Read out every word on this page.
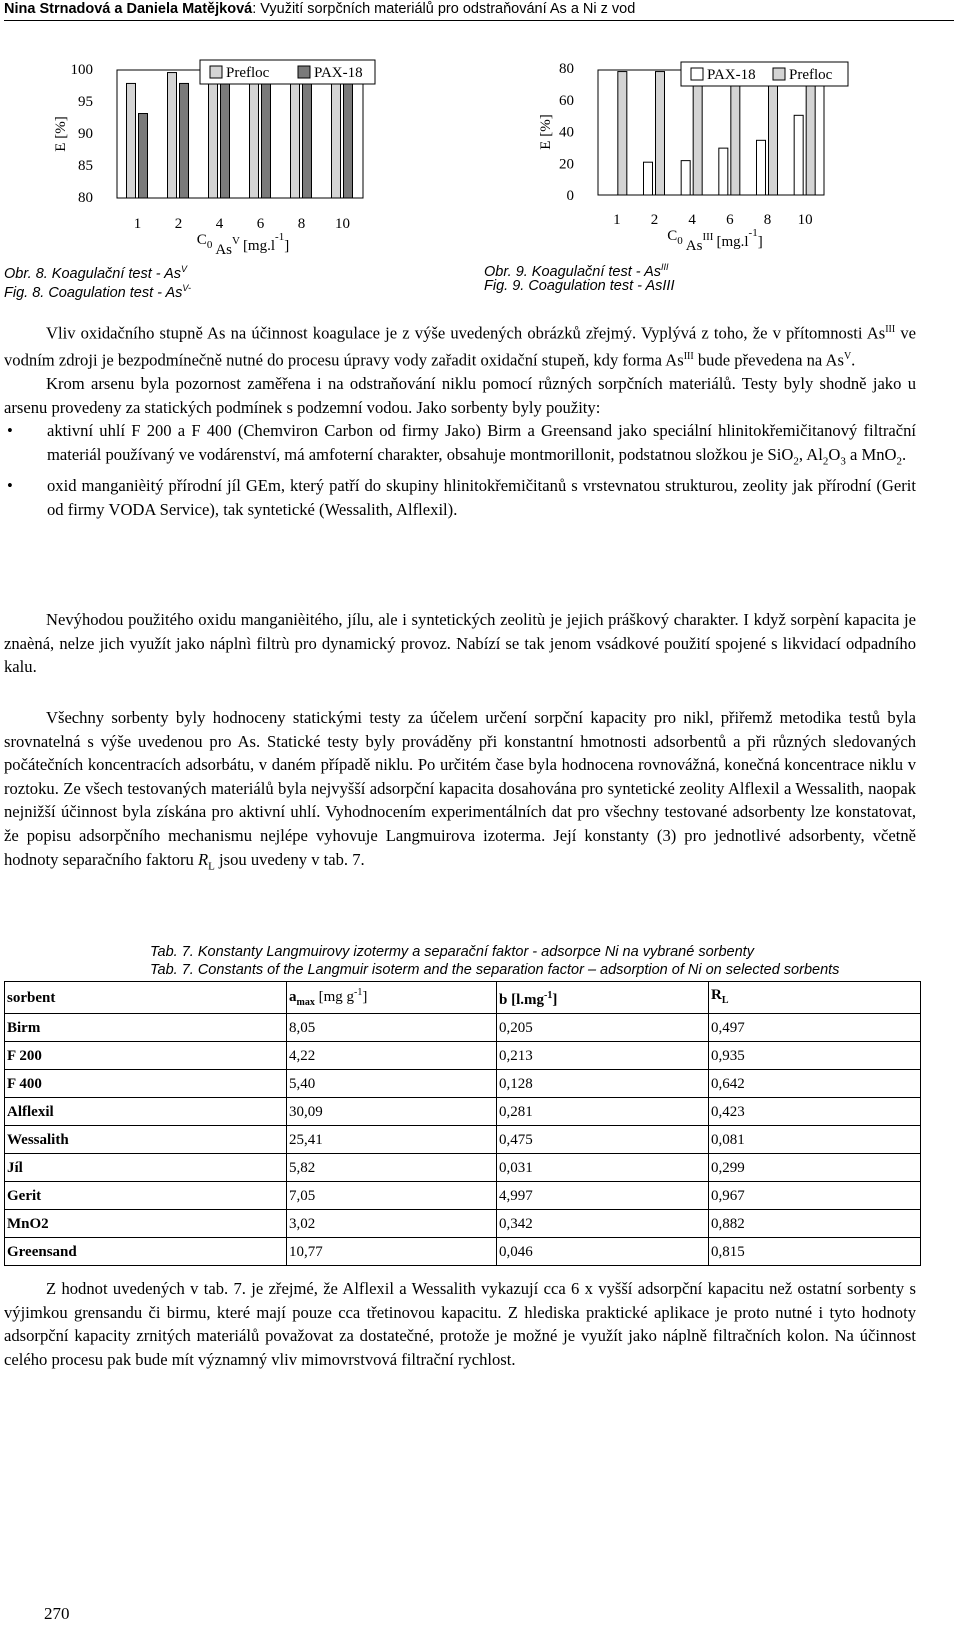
Nina Strnadová a Daniela Matějková: Využití sorpčních materiálů pro odstraňování As a Ni z vod
100
95
90
85
80
E [%]
1 2 4 6 8 10
$C_0$ $As^V$ $[mg.l^{-1}]$
Prefloc	PAX-18
Obr. 8. Koagulační test - $As^V$
Fig. 8. Coagulation test - $As^{V-}$
80
60
40
20
0
E [%]
1 2 4 6 8 10
$C_0$ $As^{III}$ $[mg.l^{-1}]$
PAX-18 Prefloc
Obr. 9. Koagulační test - $As^{III}$
Fig. 9. Coagulation test - AsIII

Vliv oxidačního stupně As na účinnost koagulace je z výše uvedených obrázků zřejmý. Vyplývá z toho, že v přítomnosti $As^{III}$ ve vodním zdroji je bezpodmínečně nutné do procesu úpravy vody zařadit oxidační stupeň, kdy forma $As^{III}$ bude převedena na $As^V$.

Krom arsenu byla pozornost zaměřena i na odstraňování niklu pomocí různých sorpčních materiálů. Testy byly shodně jako u arsenu provedeny za statických podmínek s podzemní vodou. Jako sorbenty byly použity:

• aktivní uhlí F 200 a F 400 (Chemviron Carbon od firmy Jako) Birm a Greensand jako speciální hlinitokřemičitanový filtrační materiál používaný ve vodárenství, má amfoterní charakter, obsahuje montmorillonit, podstatnou složkou je SiO$_2$, $Al_2O_3$ a MnO$_2$.
• oxid manganièitý přírodní jíl GEm, který patří do skupiny hlinitokřemičitanů s vrstevnatou strukturou, zeolity jak přírodní (Gerit od firmy VODA Service), tak syntetické (Wessalith, Alflexil).

Nevýhodou použitého oxidu manganièitého, jílu, ale i syntetických zeolitù je jejich práškový charakter. I když sorpèní kapacita je znaèná, nelze jich využít jako náplnì filtrù pro dynamický provoz. Nabízí se tak jenom vsádkové použití spojené s likvidací odpadního kalu.

Všechny sorbenty byly hodnoceny statickými testy za účelem určení sorpční kapacity pro nikl, přiřemž metodika testů byla srovnatelná s výše uvedenou pro As. Statické testy byly prováděny při konstantní hmotnosti adsorbentů a při různých sledovaných počátečních koncentracích adsorbátu, v daném případě niklu. Po určitém čase byla hodnocena rovnovážná, konečná koncentrace niklu v roztoku. Ze všech testovaných materiálů byla nejvyšší adsorpční kapacita dosahována pro syntetické zeolity Alflexil a Wessalith, naopak nejnižší účinnost byla získána pro aktivní uhlí. Vyhodnocením experimentálních dat pro všechny testované adsorbenty lze konstatovat, že popisu adsorpčního mechanismu nejlépe vyhovuje Langmuirova izoterma. Její konstanty (3) pro jednotlivé adsorbenty, včetně hodnoty separačního faktoru $R_L$ jsou uvedeny v tab. 7.

Tab. 7. Konstanty Langmuirovy izotermy a separační faktor - adsorpce Ni na vybrané sorbenty
Tab. 7. Constants of the Langmuir isoterm and the separation factor – adsorption of Ni on selected sorbents
sorbent	$a_{max}$ [mg $g^{-1}$]	b $[l.mg^{-1}]$	$R_L$
Birm	8,05	0,205	0,497
F 200	4,22	0,213	0,935
F 400	5,40	0,128	0,642
Alflexil	30,09	0,281	0,423
Wessalith	25,41	0,475	0,081
Jíl	5,82	0,031	0,299
Gerit	7,05	4,997	0,967
MnO2	3,02	0,342	0,882
Greensand	10,77	0,046	0,815

Z hodnot uvedených v tab. 7. je zřejmé, že Alflexil a Wessalith vykazují cca 6 x vyšší adsorpční kapacitu než ostatní sorbenty s výjimkou grensandu či birmu, které mají pouze cca třetinovou kapacitu. Z hlediska praktické aplikace je proto nutné i tyto hodnoty adsorpční kapacity zrnitých materiálů považovat za dostatečné, protože je možné je využít jako náplně filtračních kolon. Na účinnost celého procesu pak bude mít významný vliv mimovrstvová filtrační rychlost.

270
